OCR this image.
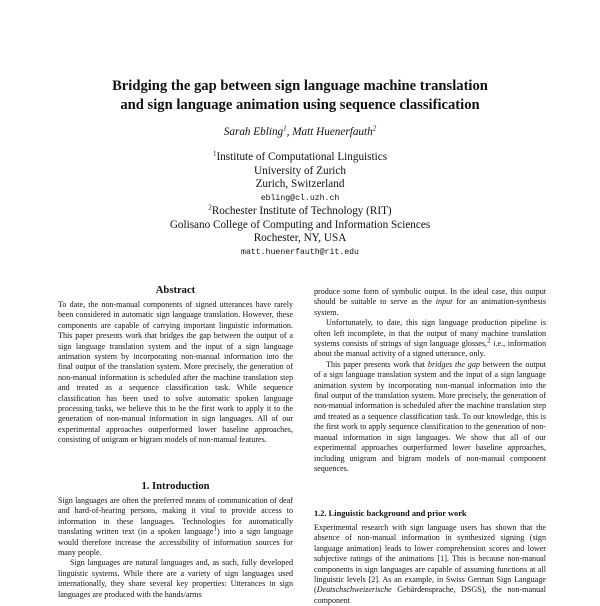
Bridging the gap between sign language machine translation
and sign language animation using sequence classification
Sarah Ebling$^1$, Matt Huenerfauth$^2$
$^1$Institute of Computational Linguistics
University of Zurich
Zurich, Switzerland
ebling@cl.uzh.ch
$^2$Rochester Institute of Technology (RIT)
Golisano College of Computing and Information Sciences
Rochester, NY, USA
matt.huenerfauth@rit.edu
Abstract

To date, the non-manual components of signed utterances have rarely been considered in automatic sign language translation. However, these components are capable of carrying important linguistic information. This paper presents work that bridges the gap between the output of a sign language translation system and the input of a sign language animation system by incorporating non-manual information into the final output of the translation system. More precisely, the generation of non-manual information is scheduled after the machine translation step and treated as a sequence classification task. While sequence classification has been used to solve automatic spoken language processing tasks, we believe this to be the first work to apply it to the generation of non-manual information in sign languages. All of our experimental approaches outperformed lower baseline approaches, consisting of unigram or bigram models of non-manual features.

1. Introduction

Sign languages are often the preferred means of communication of deaf and hard-of-hearing persons, making it vital to provide access to information in these languages. Technologies for automatically translating written text (in a spoken language$^1$) into a sign language would therefore increase the accessibility of information sources for many people.

Sign languages are natural languages and, as such, fully developed linguistic systems. While there are a variety of sign languages used internationally, they share several key properties: Utterances in sign languages are produced with the hands/arms

produce some form of symbolic output. In the ideal case, this output should be suitable to serve as the input for an animation-synthesis system.

Unfortunately, to date, this sign language production pipeline is often left incomplete, in that the output of many machine translation systems consists of strings of sign language glosses,$^2$ i.e., information about the manual activity of a signed utterance, only.

This paper presents work that bridges the gap between the output of a sign language translation system and the input of a sign language animation system by incorporating non-manual information into the final output of the translation system. More precisely, the generation of non-manual information is scheduled after the machine translation step and treated as a sequence classification task. To our knowledge, this is the first work to apply sequence classification to the generation of non-manual information in sign languages. We show that all of our experimental approaches outperformed lower baseline approaches, including unigram and bigram models of non-manual component sequences.

1.2. Linguistic background and prior work

Experimental research with sign language users has shown that the absence of non-manual information in synthesized signing (sign language animation) leads to lower comprehension scores and lower subjective ratings of the animations [1]. This is because non-manual components in sign languages are capable of assuming functions at all linguistic levels [2]. As an example, in Swiss German Sign Language (Deutschschweizerische Gebärdensprache, DSGS), the non-manual component
